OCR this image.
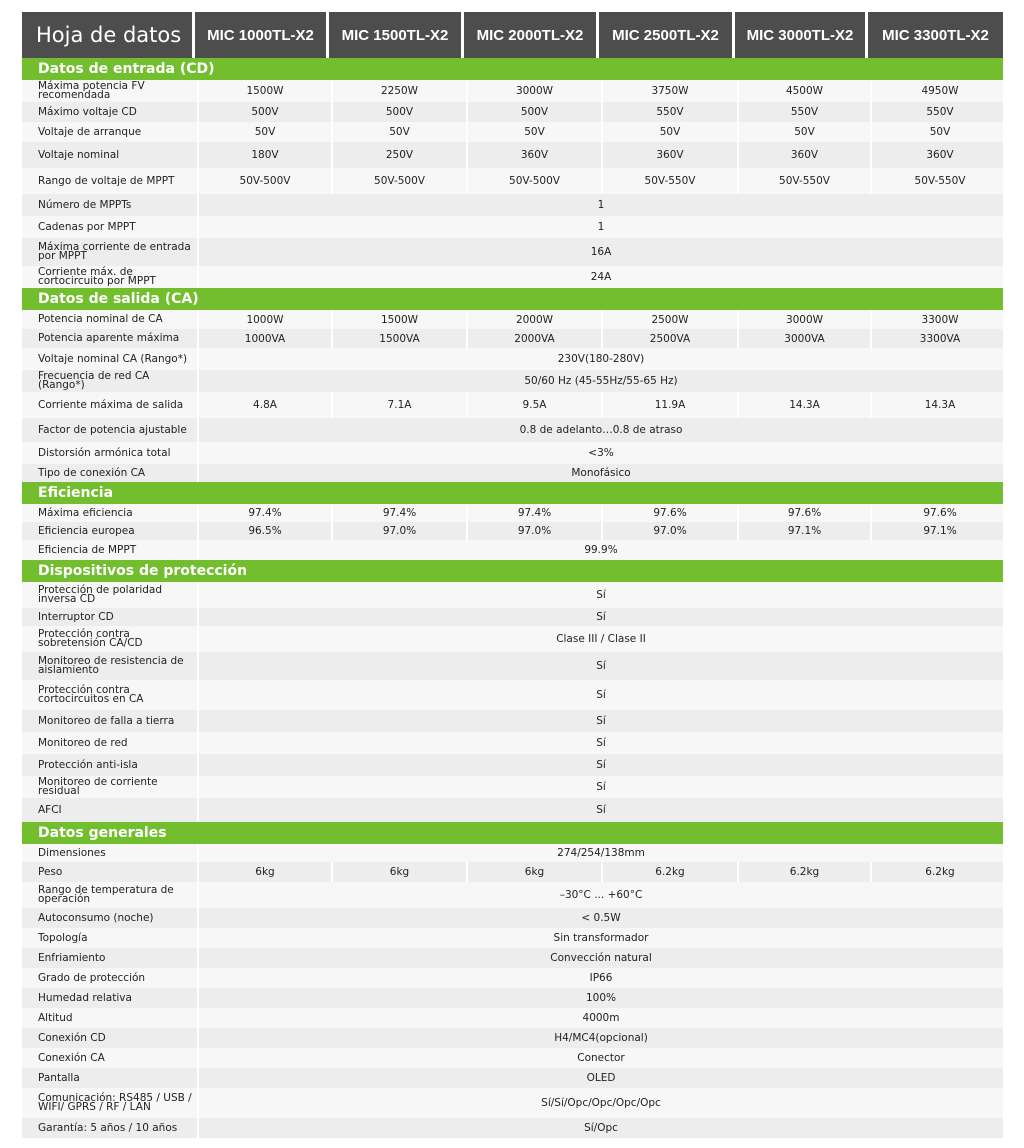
Hoja de datos	MIC 1000TL-X2	MIC 1500TL-X2	MIC 2000TL-X2	MIC 2500TL-X2	MIC 3000TL-X2	MIC 3300TL-X2
Datos de entrada (CD)
Máxima potencia FV recomendada	1500W	2250W	3000W	3750W	4500W	4950W
Máximo voltaje CD	500V	500V	500V	550V	550V	550V
Voltaje de arranque	50V	50V	50V	50V	50V	50V
Voltaje nominal	180V	250V	360V	360V	360V	360V
Rango de voltaje de MPPT	50V-500V	50V-500V	50V-500V	50V-550V	50V-550V	50V-550V
Número de MPPTs	1
Cadenas por MPPT	1
Máxima corriente de entrada por MPPT	16A
Corriente máx. de cortocircuito por MPPT	24A
Datos de salida (CA)
Potencia nominal de CA	1000W	1500W	2000W	2500W	3000W	3300W
Potencia aparente máxima	1000VA	1500VA	2000VA	2500VA	3000VA	3300VA
Voltaje nominal CA (Rango*)	230V(180-280V)
Frecuencia de red CA (Rango*)	50/60 Hz (45-55Hz/55-65 Hz)
Corriente máxima de salida	4.8A	7.1A	9.5A	11.9A	14.3A	14.3A
Factor de potencia ajustable	0.8 de adelanto…0.8 de atraso
Distorsión armónica total	<3%
Tipo de conexión CA	Monofásico
Eficiencia
Máxima eficiencia	97.4%	97.4%	97.4%	97.6%	97.6%	97.6%
Eficiencia europea	96.5%	97.0%	97.0%	97.0%	97.1%	97.1%
Eficiencia de MPPT	99.9%
Dispositivos de protección
Protección de polaridad inversa CD	Sí
Interruptor CD	Sí
Protección contra sobretensión CA/CD	Clase III / Clase II
Monitoreo de resistencia de aislamiento	Sí
Protección contra cortocircuitos en CA	Sí
Monitoreo de falla a tierra	Sí
Monitoreo de red	Sí
Protección anti-isla	Sí
Monitoreo de corriente residual	Sí
AFCI	Sí
Datos generales
Dimensiones	274/254/138mm
Peso	6kg	6kg	6kg	6.2kg	6.2kg	6.2kg
Rango de temperatura de operación	–30°C ... +60°C
Autoconsumo (noche)	< 0.5W
Topología	Sin transformador
Enfriamiento	Convección natural
Grado de protección	IP66
Humedad relativa	100%
Altitud	4000m
Conexión CD	H4/MC4(opcional)
Conexión CA	Conector
Pantalla	OLED
Comunicación: RS485 / USB / WIFI/ GPRS / RF / LAN	Sí/Sí/Opc/Opc/Opc/Opc
Garantía: 5 años / 10 años	Sí/Opc
